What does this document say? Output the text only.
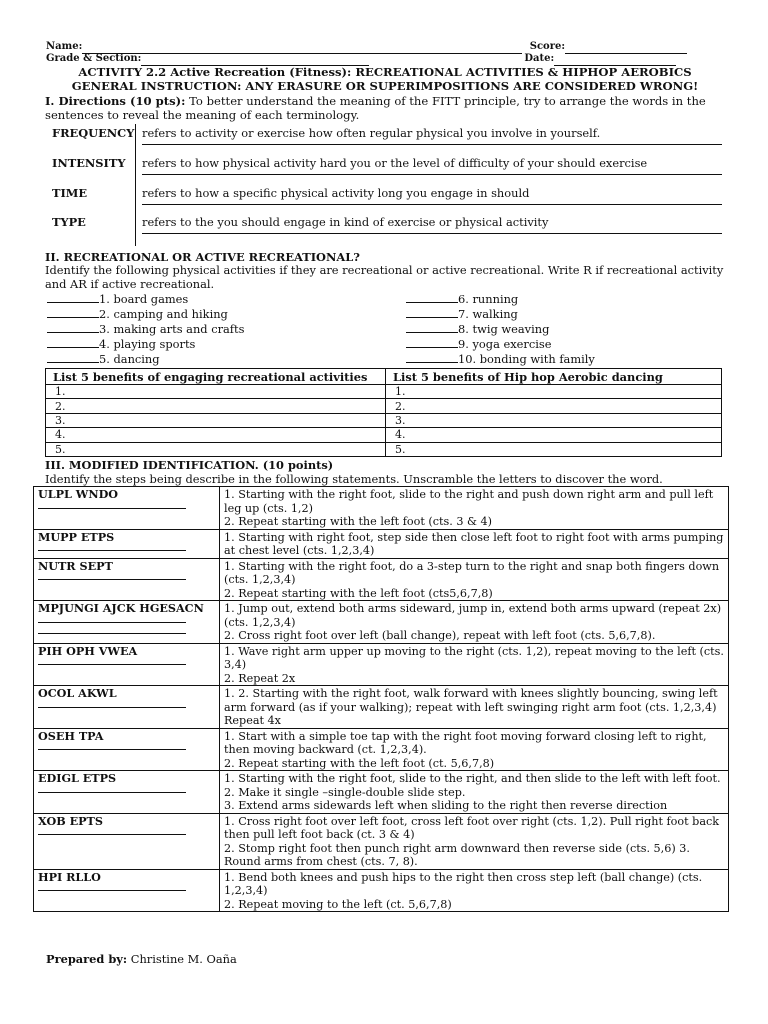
Name:	Score:
Grade & Section:	Date:
ACTIVITY 2.2 Active Recreation (Fitness): RECREATIONAL ACTIVITIES & HIPHOP AEROBICS
GENERAL INSTRUCTION: ANY ERASURE OR SUPERIMPOSITIONS ARE CONSIDERED WRONG!
I. Directions (10 pts): To better understand the meaning of the FITT principle, try to arrange the words in the sentences to reveal the meaning of each terminology.
FREQUENCY refers to activity or exercise how often regular physical you involve in yourself.
INTENSITY refers to how physical activity hard you or the level of difficulty of your should exercise
TIME	refers to how a specific physical activity long you engage in should
TYPE	refers to the you should engage in kind of exercise or physical activity
II. RECREATIONAL OR ACTIVE RECREATIONAL?
Identify the following physical activities if they are recreational or active recreational. Write R if recreational activity and AR if active recreational.
1. board games
2. camping and hiking
3. making arts and crafts
4. playing sports
5. dancing
6. running
7. walking
8. twig weaving
9. yoga exercise
10. bonding with family
List 5 benefits of engaging recreational activities	List 5 benefits of Hip hop Aerobic dancing
1.	1.
2.	2.
3.	3.
4.	4.
5.	5.
III. MODIFIED IDENTIFICATION. (10 points)
Identify the steps being describe in the following statements. Unscramble the letters to discover the word.
ULPL WNDO	1. Starting with the right foot, slide to the right and push down right arm and pull left leg up (cts. 1,2)
2. Repeat starting with the left foot (cts. 3 & 4)

MUPP ETPS	1. Starting with right foot, step side then close left foot to right foot with arms pumping at chest level (cts. 1,2,3,4)

NUTR SEPT	1. Starting with the right foot, do a 3-step turn to the right and snap both fingers down (cts. 1,2,3,4)
2. Repeat starting with the left foot (cts5,6,7,8)

MPJUNGI AJCK HGESACN	1. Jump out, extend both arms sideward, jump in, extend both arms upward (repeat 2x) (cts. 1,2,3,4)
2. Cross right foot over left (ball change), repeat with left foot (cts. 5,6,7,8).

PIH OPH VWEA	1. Wave right arm upper up moving to the right (cts. 1,2), repeat moving to the left (cts. 3,4)
2. Repeat 2x

OCOL AKWL	1. 2. Starting with the right foot, walk forward with knees slightly bouncing, swing left arm forward (as if your walking); repeat with left swinging right arm foot (cts. 1,2,3,4) Repeat 4x

OSEH TPA	1. Start with a simple toe tap with the right foot moving forward closing left to right, then moving backward (ct. 1,2,3,4).
2. Repeat starting with the left foot (ct. 5,6,7,8)

EDIGL ETPS	1. Starting with the right foot, slide to the right, and then slide to the left with left foot.
2. Make it single –single-double slide step.
3. Extend arms sidewards left when sliding to the right then reverse direction

XOB EPTS	1. Cross right foot over left foot, cross left foot over right (cts. 1,2). Pull right foot back then pull left foot back (ct. 3 & 4)
2. Stomp right foot then punch right arm downward then reverse side (cts. 5,6) 3. Round arms from chest (cts. 7, 8).

HPI RLLO	1. Bend both knees and push hips to the right then cross step left (ball change) (cts. 1,2,3,4)
2. Repeat moving to the left (ct. 5,6,7,8)
Prepared by: Christine M. Oaña
